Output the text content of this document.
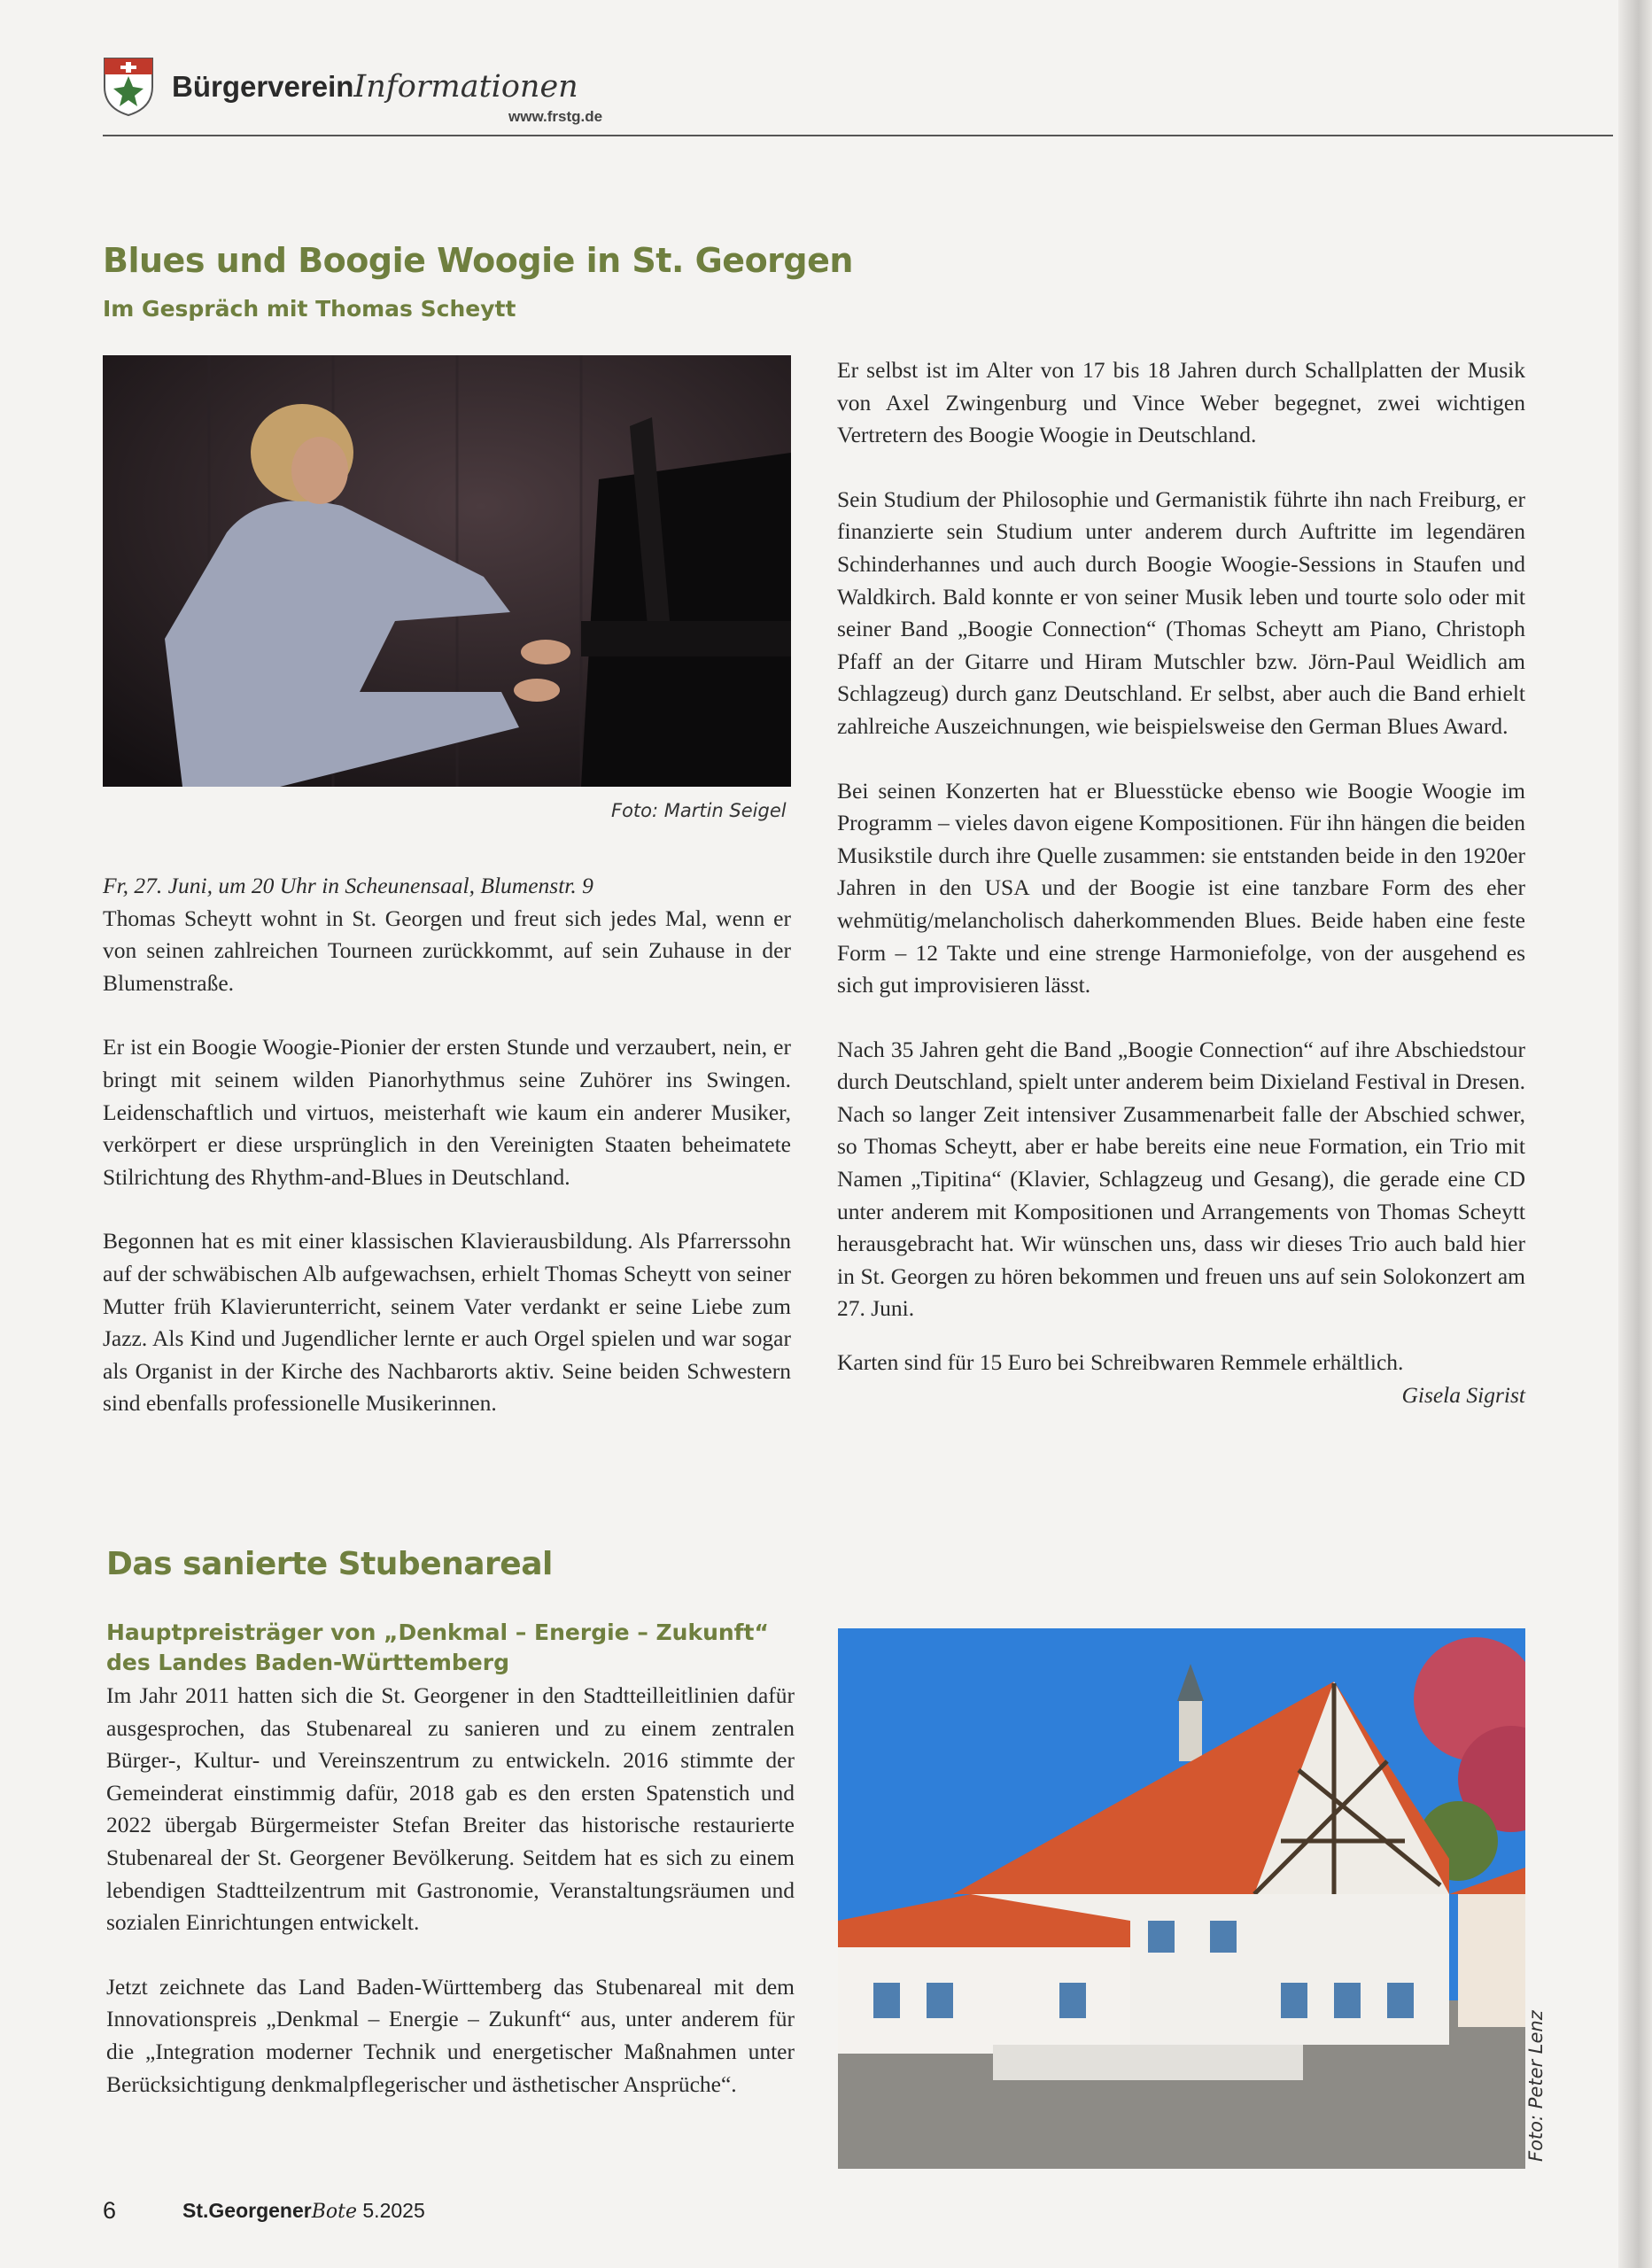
BürgervereinInformationen
www.frstg.de
Blues und Boogie Woogie in St. Georgen
Im Gespräch mit Thomas Scheytt
Foto: Martin Seigel
Fr, 27. Juni, um 20 Uhr in Scheunensaal, Blumenstr. 9

Thomas Scheytt wohnt in St. Georgen und freut sich jedes Mal, wenn er von seinen zahlreichen Tourneen zurückkommt, auf sein Zuhause in der Blumenstraße.

Er ist ein Boogie Woogie-Pionier der ersten Stunde und verzaubert, nein, er bringt mit seinem wilden Pianorhythmus seine Zuhörer ins Swingen. Leidenschaftlich und virtuos, meisterhaft wie kaum ein anderer Musiker, verkörpert er diese ursprünglich in den Vereinigten Staaten beheimatete Stilrichtung des Rhythm-and-Blues in Deutschland.

Begonnen hat es mit einer klassischen Klavierausbildung. Als Pfarrerssohn auf der schwäbischen Alb aufgewachsen, erhielt Thomas Scheytt von seiner Mutter früh Klavierunterricht, seinem Vater verdankt er seine Liebe zum Jazz. Als Kind und Jugendlicher lernte er auch Orgel spielen und war sogar als Organist in der Kirche des Nachbarorts aktiv. Seine beiden Schwestern sind ebenfalls professionelle Musikerinnen.

Er selbst ist im Alter von 17 bis 18 Jahren durch Schallplatten der Musik von Axel Zwingenburg und Vince Weber begegnet, zwei wichtigen Vertretern des Boogie Woogie in Deutschland.

Sein Studium der Philosophie und Germanistik führte ihn nach Freiburg, er finanzierte sein Studium unter anderem durch Auftritte im legendären Schinderhannes und auch durch Boogie Woogie-Sessions in Staufen und Waldkirch. Bald konnte er von seiner Musik leben und tourte solo oder mit seiner Band „Boogie Connection“ (Thomas Scheytt am Piano, Christoph Pfaff an der Gitarre und Hiram Mutschler bzw. Jörn-Paul Weidlich am Schlagzeug) durch ganz Deutschland. Er selbst, aber auch die Band erhielt zahlreiche Auszeichnungen, wie beispielsweise den German Blues Award.

Bei seinen Konzerten hat er Bluesstücke ebenso wie Boogie Woogie im Programm – vieles davon eigene Kompositionen. Für ihn hängen die beiden Musikstile durch ihre Quelle zusammen: sie entstanden beide in den 1920er Jahren in den USA und der Boogie ist eine tanzbare Form des eher wehmütig/melancholisch daherkommenden Blues. Beide haben eine feste Form – 12 Takte und eine strenge Harmoniefolge, von der ausgehend es sich gut improvisieren lässt.

Nach 35 Jahren geht die Band „Boogie Connection“ auf ihre Abschiedstour durch Deutschland, spielt unter anderem beim Dixieland Festival in Dresen. Nach so langer Zeit intensiver Zusammenarbeit falle der Abschied schwer, so Thomas Scheytt, aber er habe bereits eine neue Formation, ein Trio mit Namen „Tipitina“ (Klavier, Schlagzeug und Gesang), die gerade eine CD unter anderem mit Kompositionen und Arrangements von Thomas Scheytt herausgebracht hat. Wir wünschen uns, dass wir dieses Trio auch bald hier in St. Georgen zu hören bekommen und freuen uns auf sein Solokonzert am 27. Juni.

Karten sind für 15 Euro bei Schreibwaren Remmele erhältlich.
Gisela Sigrist
Das sanierte Stubenareal
Hauptpreisträger von „Denkmal – Energie – Zukunft“ des Landes Baden-Württemberg

Im Jahr 2011 hatten sich die St. Georgener in den Stadtteilleitlinien dafür ausgesprochen, das Stubenareal zu sanieren und zu einem zentralen Bürger-, Kultur- und Vereinszentrum zu entwickeln. 2016 stimmte der Gemeinderat einstimmig dafür, 2018 gab es den ersten Spatenstich und 2022 übergab Bürgermeister Stefan Breiter das historische restaurierte Stubenareal der St. Georgener Bevölkerung. Seitdem hat es sich zu einem lebendigen Stadtteilzentrum mit Gastronomie, Veranstaltungsräumen und sozialen Einrichtungen entwickelt.

Jetzt zeichnete das Land Baden-Württemberg das Stubenareal mit dem Innovationspreis „Denkmal – Energie – Zukunft“ aus, unter anderem für die „Integration moderner Technik und energetischer Maßnahmen unter Berücksichtigung denkmalpflegerischer und ästhetischer Ansprüche“.	Foto: Peter Lenz
6	St.GeorgenerBote 5.2025
